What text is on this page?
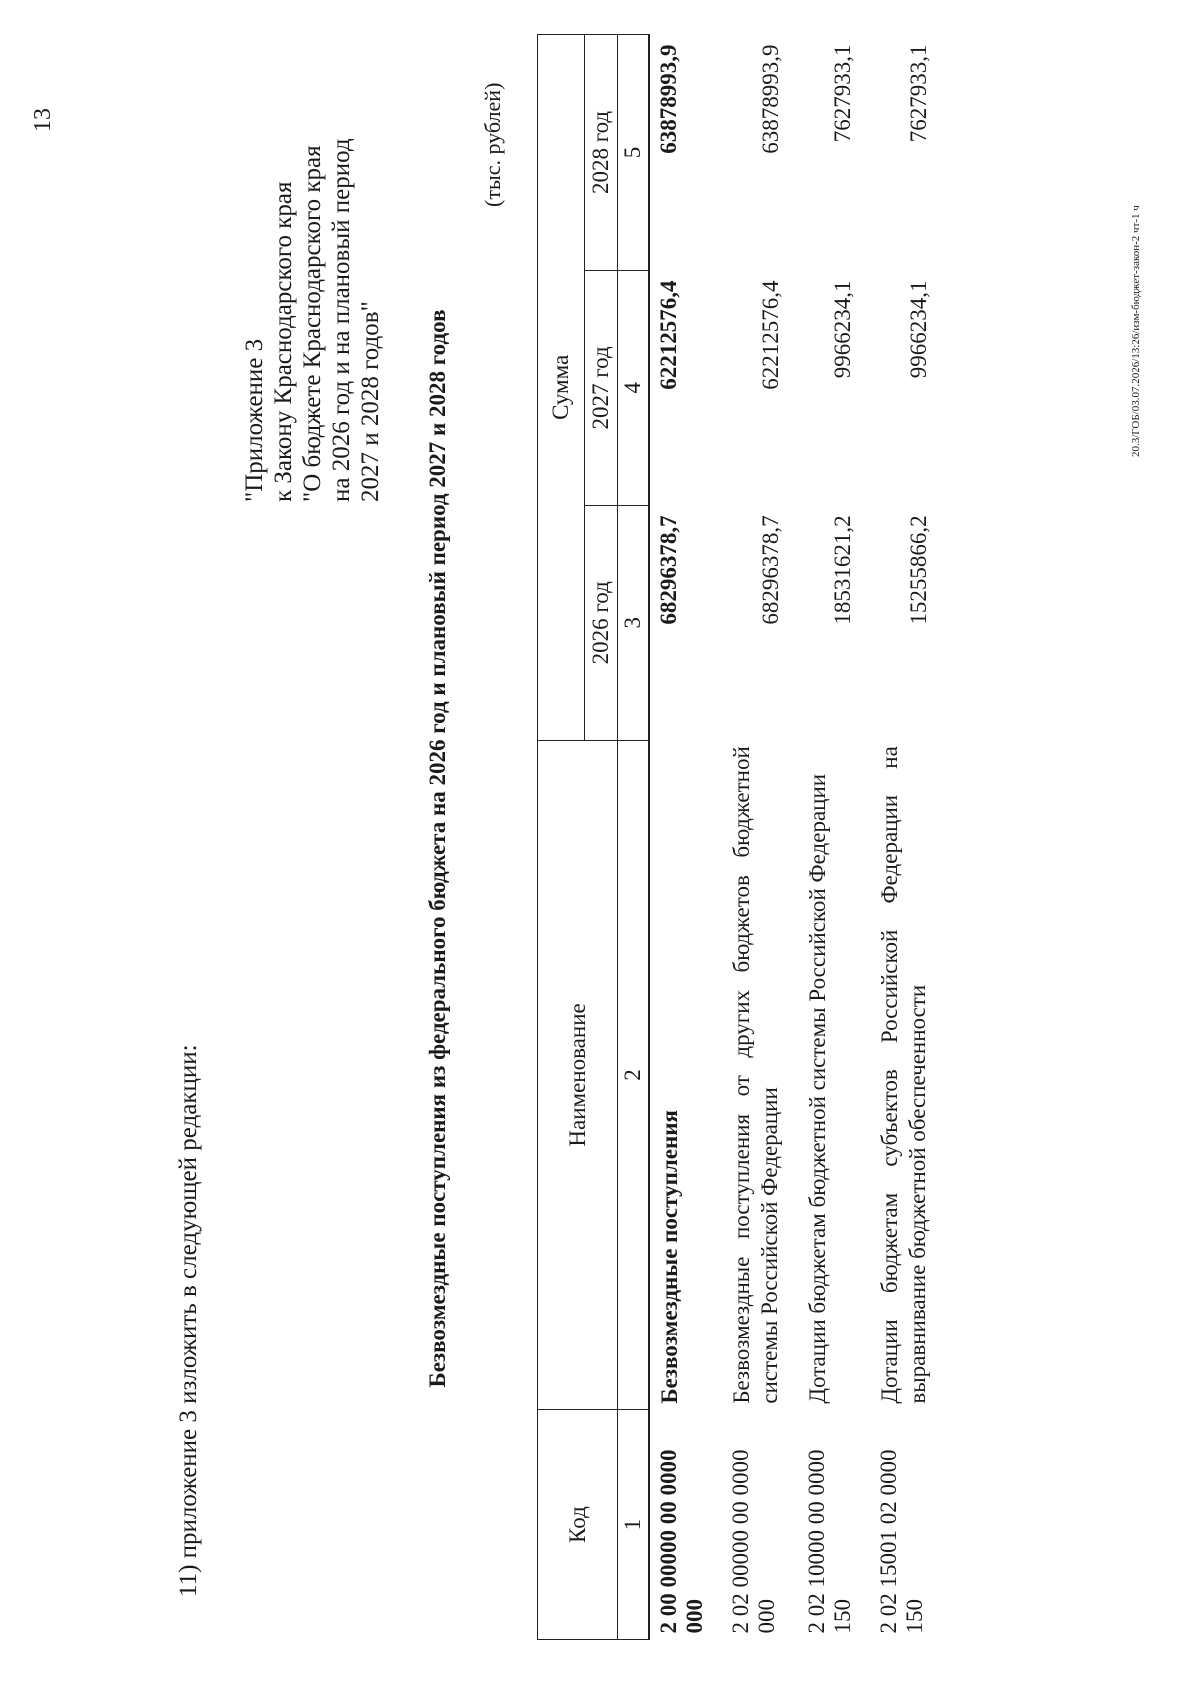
13
11) приложение 3 изложить в следующей редакции:
"Приложение 3 к Закону Краснодарского края "О бюджете Краснодарского края на 2026 год и на плановый период 2027 и 2028 годов" Безвозмездные поступления из федерального бюджета на 2026 год и плановый период 2027 и 2028 годов
(тыс. рублей)
Код	Наименование	Сумма		
		2026 год	2027 год	2028 год
1	2	3	4	5
2 00 00000 00 0000 000	Безвозмездные поступления	68296378,7	62212576,4	63878993,9
2 02 00000 00 0000 000	Безвозмездные поступления от других бюджетов бюджетной системы Российской Федерации	68296378,7	62212576,4	63878993,9
2 02 10000 00 0000 150	Дотации бюджетам бюджетной системы Российской Федерации	18531621,2	9966234,1	7627933,1
2 02 15001 02 0000 150	Дотации бюджетам субъектов Российской Федерации на выравнивание бюджетной обеспеченности	15255866,2	9966234,1	7627933,1
20.3/ГОБ/03.07.2026/13:26/изм-бюджет-закон-2 чт-1 ч
